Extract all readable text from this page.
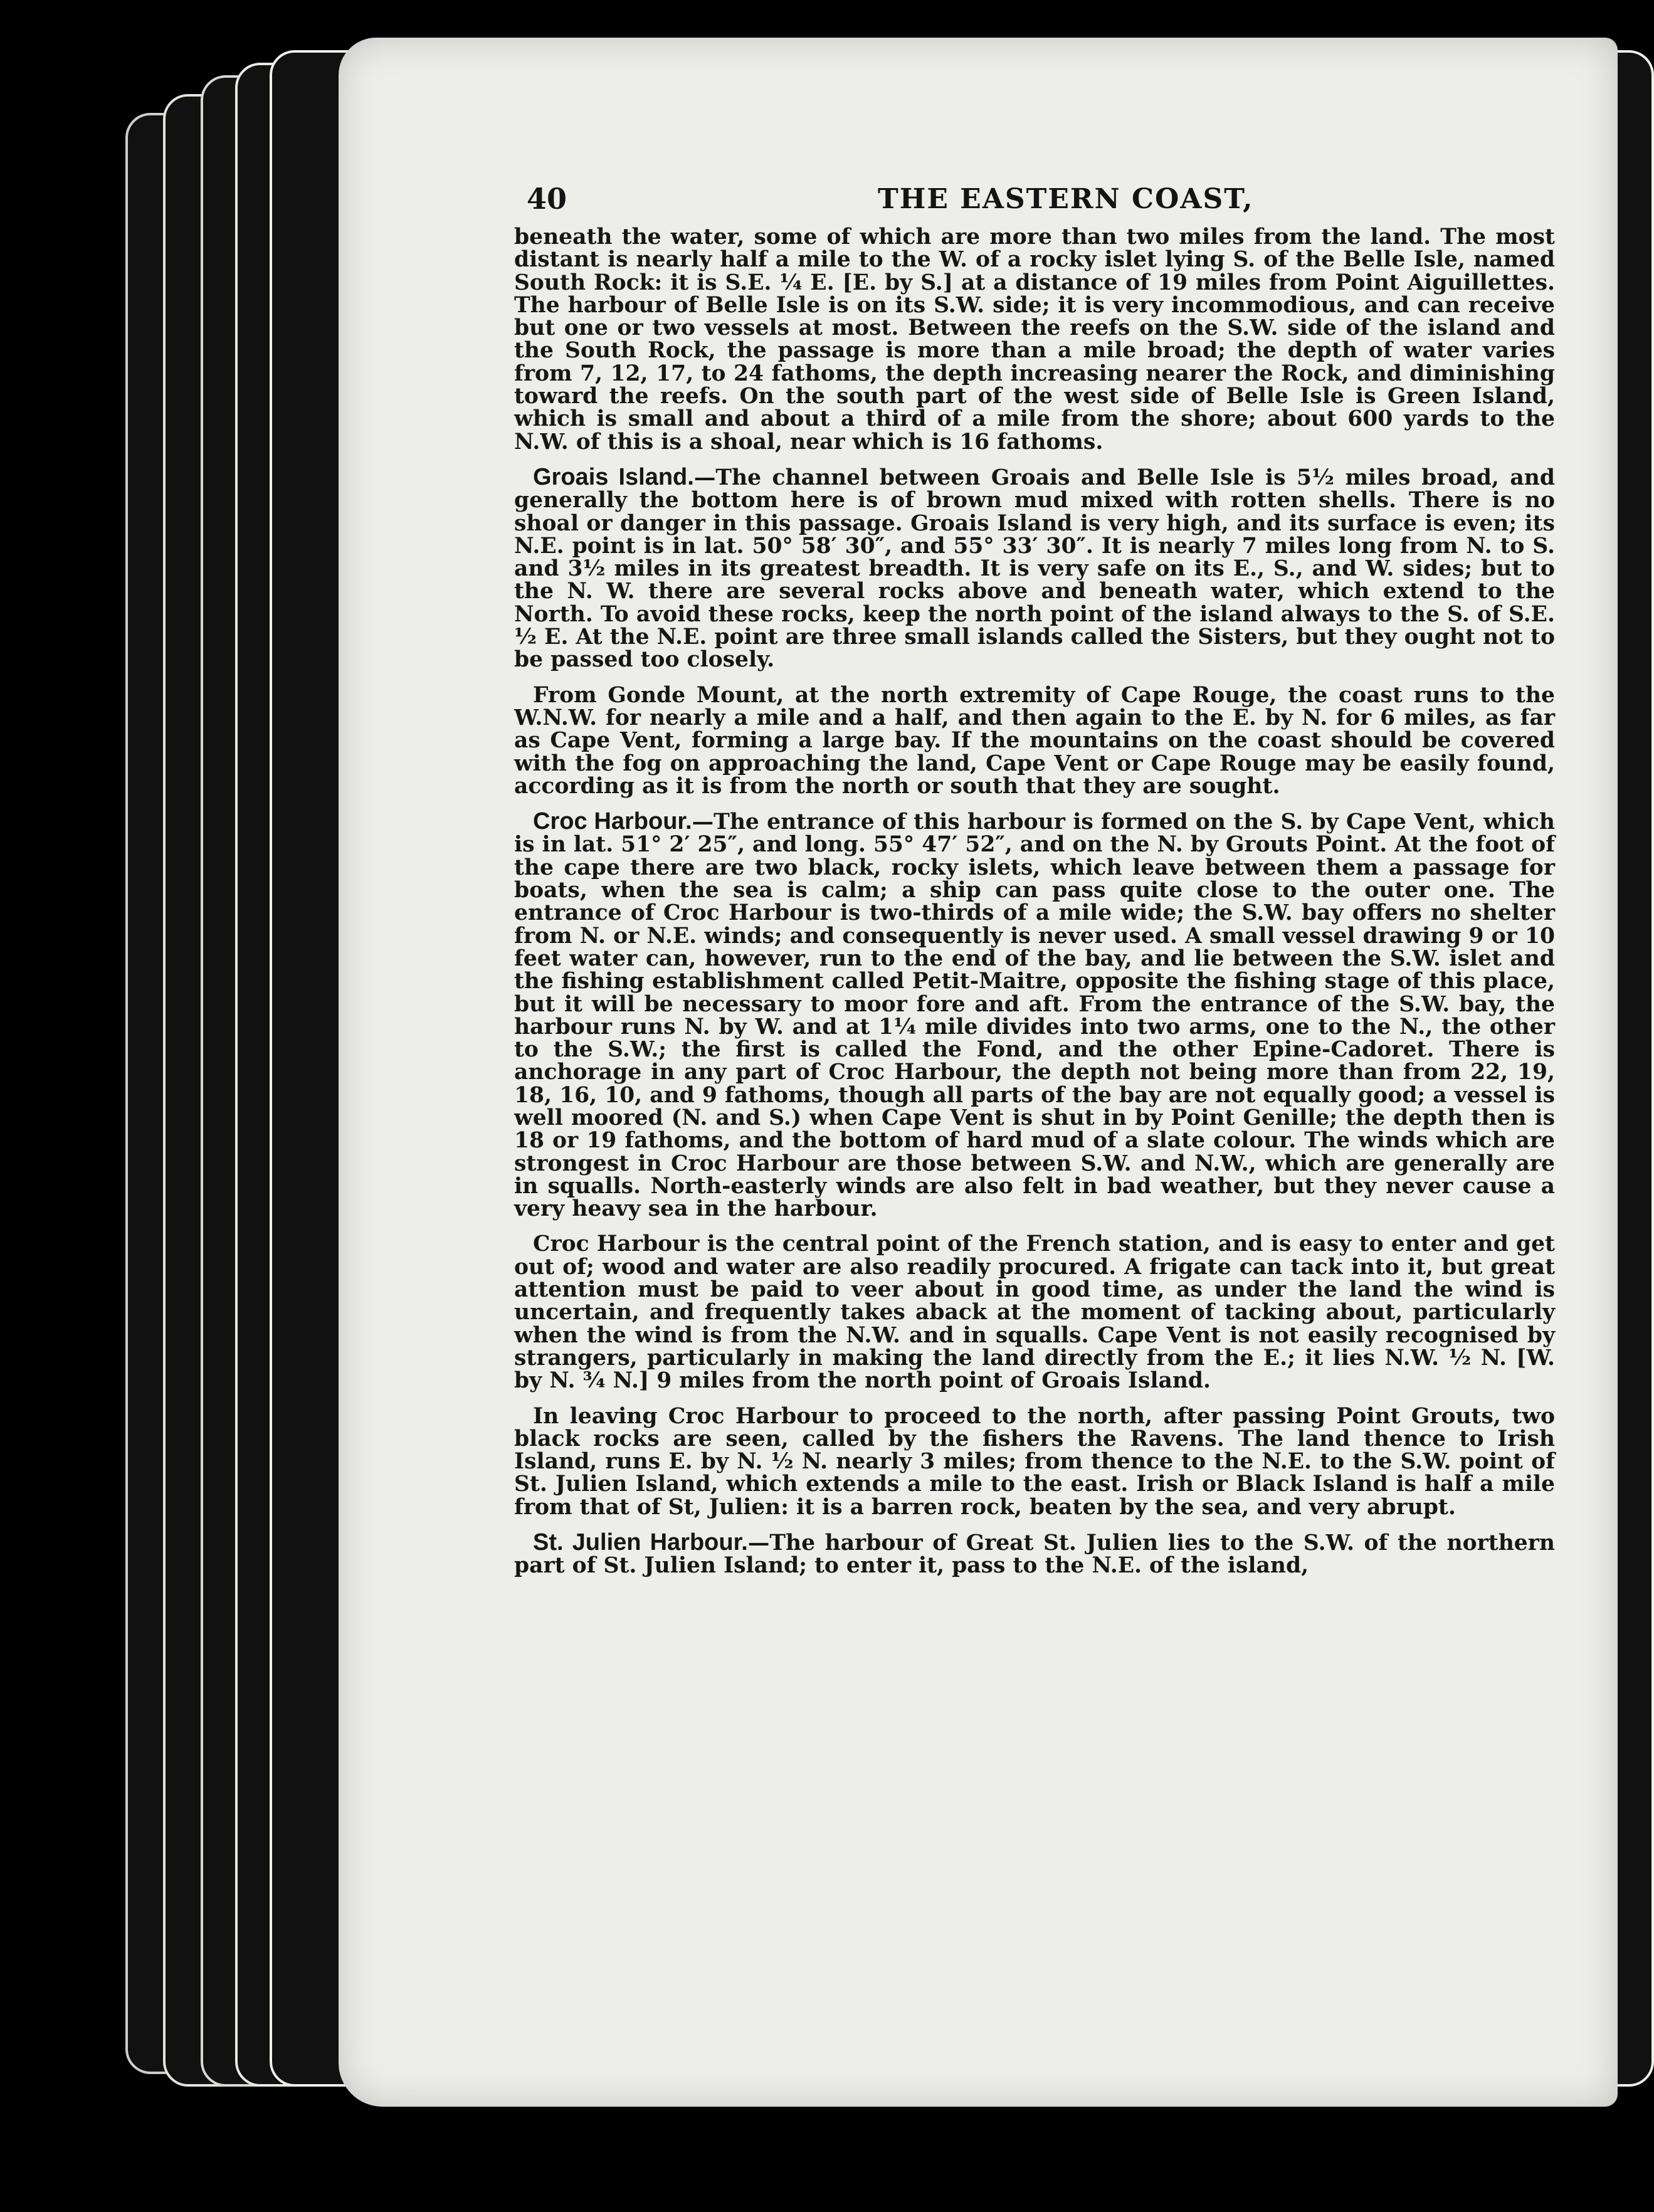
40	THE EASTERN COAST,

beneath the water, some of which are more than two miles from the land. The most distant is nearly half a mile to the W. of a rocky islet lying S. of the Belle Isle, named South Rock: it is S.E. ¼ E. [E. by S.] at a distance of 19 miles from Point Aiguillettes. The harbour of Belle Isle is on its S.W. side; it is very incommodious, and can receive but one or two vessels at most. Between the reefs on the S.W. side of the island and the South Rock, the passage is more than a mile broad; the depth of water varies from 7, 12, 17, to 24 fathoms, the depth increasing nearer the Rock, and diminishing toward the reefs. On the south part of the west side of Belle Isle is Green Island, which is small and about a third of a mile from the shore; about 600 yards to the N.W. of this is a shoal, near which is 16 fathoms.

Groais Island.—The channel between Groais and Belle Isle is 5½ miles broad, and generally the bottom here is of brown mud mixed with rotten shells. There is no shoal or danger in this passage. Groais Island is very high, and its surface is even; its N.E. point is in lat. 50° 58′ 30″, and 55° 33′ 30″. It is nearly 7 miles long from N. to S. and 3½ miles in its greatest breadth. It is very safe on its E., S., and W. sides; but to the N. W. there are several rocks above and beneath water, which extend to the North. To avoid these rocks, keep the north point of the island always to the S. of S.E. ½ E. At the N.E. point are three small islands called the Sisters, but they ought not to be passed too closely.

From Gonde Mount, at the north extremity of Cape Rouge, the coast runs to the W.N.W. for nearly a mile and a half, and then again to the E. by N. for 6 miles, as far as Cape Vent, forming a large bay. If the mountains on the coast should be covered with the fog on approaching the land, Cape Vent or Cape Rouge may be easily found, according as it is from the north or south that they are sought.

Croc Harbour.—The entrance of this harbour is formed on the S. by Cape Vent, which is in lat. 51° 2′ 25″, and long. 55° 47′ 52″, and on the N. by Grouts Point. At the foot of the cape there are two black, rocky islets, which leave between them a passage for boats, when the sea is calm; a ship can pass quite close to the outer one. The entrance of Croc Harbour is two-thirds of a mile wide; the S.W. bay offers no shelter from N. or N.E. winds; and consequently is never used. A small vessel drawing 9 or 10 feet water can, however, run to the end of the bay, and lie between the S.W. islet and the fishing establishment called Petit-Maitre, opposite the fishing stage of this place, but it will be necessary to moor fore and aft. From the entrance of the S.W. bay, the harbour runs N. by W. and at 1¼ mile divides into two arms, one to the N., the other to the S.W.; the first is called the Fond, and the other Epine-Cadoret. There is anchorage in any part of Croc Harbour, the depth not being more than from 22, 19, 18, 16, 10, and 9 fathoms, though all parts of the bay are not equally good; a vessel is well moored (N. and S.) when Cape Vent is shut in by Point Genille; the depth then is 18 or 19 fathoms, and the bottom of hard mud of a slate colour. The winds which are strongest in Croc Harbour are those between S.W. and N.W., which are generally are in squalls. North-easterly winds are also felt in bad weather, but they never cause a very heavy sea in the harbour.

Croc Harbour is the central point of the French station, and is easy to enter and get out of; wood and water are also readily procured. A frigate can tack into it, but great attention must be paid to veer about in good time, as under the land the wind is uncertain, and frequently takes aback at the moment of tacking about, particularly when the wind is from the N.W. and in squalls. Cape Vent is not easily recognised by strangers, particularly in making the land directly from the E.; it lies N.W. ½ N. [W. by N. ¾ N.] 9 miles from the north point of Groais Island.

In leaving Croc Harbour to proceed to the north, after passing Point Grouts, two black rocks are seen, called by the fishers the Ravens. The land thence to Irish Island, runs E. by N. ½ N. nearly 3 miles; from thence to the N.E. to the S.W. point of St. Julien Island, which extends a mile to the east. Irish or Black Island is half a mile from that of St, Julien: it is a barren rock, beaten by the sea, and very abrupt.

St. Julien Harbour.—The harbour of Great St. Julien lies to the S.W. of the northern part of St. Julien Island; to enter it, pass to the N.E. of the island,
